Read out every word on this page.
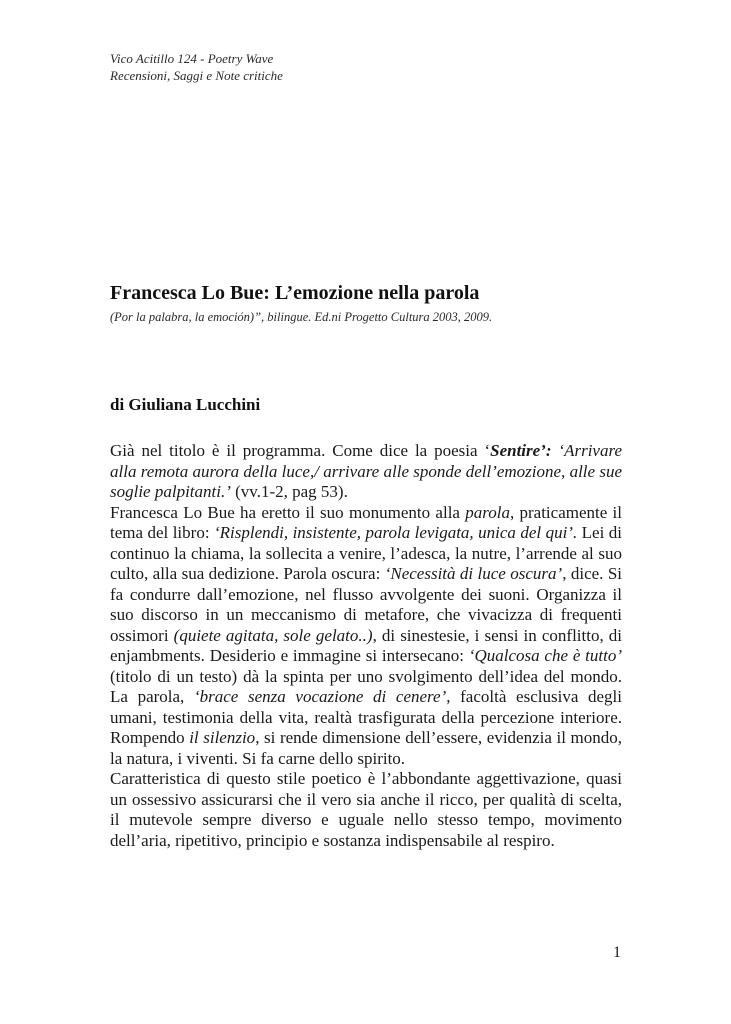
Vico Acitillo 124 - Poetry Wave
Recensioni, Saggi e Note critiche
Francesca Lo Bue: L’emozione nella parola
(Por la palabra, la emoción)”, bilingue. Ed.ni Progetto Cultura 2003, 2009.
di Giuliana Lucchini

Già nel titolo è il programma. Come dice la poesia ‘Sentire’: ‘Arrivare alla remota aurora della luce,/ arrivare alle sponde dell’emozione, alle sue soglie palpitanti.’ (vv.1-2, pag 53).

Francesca Lo Bue ha eretto il suo monumento alla parola, praticamente il tema del libro: ‘Risplendi, insistente, parola levigata, unica del qui’. Lei di continuo la chiama, la sollecita a venire, l’adesca, la nutre, l’arrende al suo culto, alla sua dedizione. Parola oscura: ‘Necessità di luce oscura’, dice. Si fa condurre dall’emozione, nel flusso avvolgente dei suoni. Organizza il suo discorso in un meccanismo di metafore, che vivacizza di frequenti ossimori (quiete agitata, sole gelato..), di sinestesie, i sensi in conflitto, di enjambments. Desiderio e immagine si intersecano: ‘Qualcosa che è tutto’ (titolo di un testo) dà la spinta per uno svolgimento dell’idea del mondo. La parola, ‘brace senza vocazione di cenere’, facoltà esclusiva degli umani, testimonia della vita, realtà trasfigurata della percezione interiore. Rompendo il silenzio, si rende dimensione dell’essere, evidenzia il mondo, la natura, i viventi. Si fa carne dello spirito.

Caratteristica di questo stile poetico è l’abbondante aggettivazione, quasi un ossessivo assicurarsi che il vero sia anche il ricco, per qualità di scelta, il mutevole sempre diverso e uguale nello stesso tempo, movimento dell’aria, ripetitivo, principio e sostanza indispensabile al respiro.

1
